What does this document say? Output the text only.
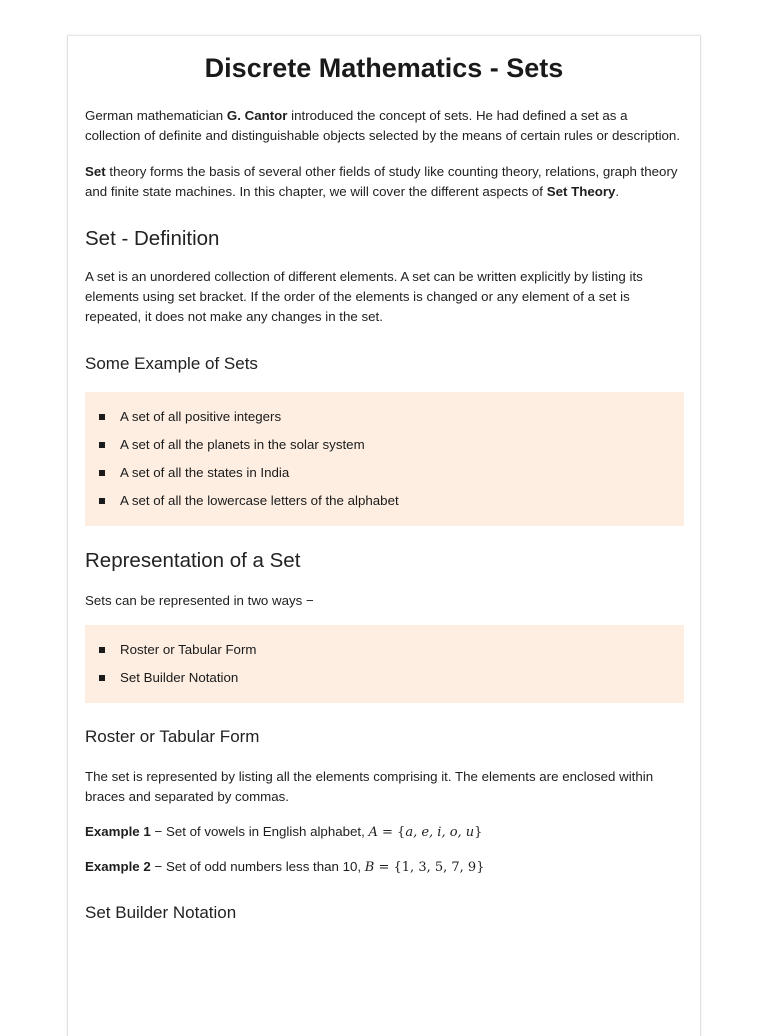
Discrete Mathematics - Sets

German mathematician G. Cantor introduced the concept of sets. He had defined a set as a collection of definite and distinguishable objects selected by the means of certain rules or description.

Set theory forms the basis of several other fields of study like counting theory, relations, graph theory and finite state machines. In this chapter, we will cover the different aspects of Set Theory.

Set - Definition

A set is an unordered collection of different elements. A set can be written explicitly by listing its elements using set bracket. If the order of the elements is changed or any element of a set is repeated, it does not make any changes in the set.

Some Example of Sets
A set of all positive integers
A set of all the planets in the solar system
A set of all the states in India
A set of all the lowercase letters of the alphabet
Representation of a Set

Sets can be represented in two ways −

Roster or Tabular Form
Set Builder Notation
Roster or Tabular Form

The set is represented by listing all the elements comprising it. The elements are enclosed within braces and separated by commas.

Example 1 − Set of vowels in English alphabet, A = {a, e, i, o, u}

Example 2 − Set of odd numbers less than 10, B = {1, 3, 5, 7, 9}

Set Builder Notation
